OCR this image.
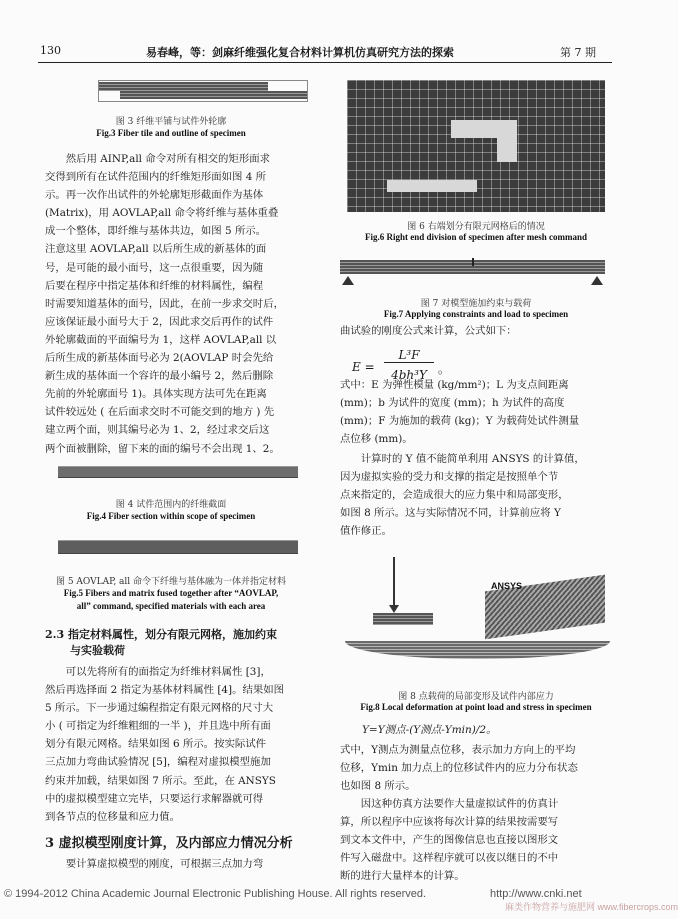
130	易春峰，等：剑麻纤维强化复合材料计算机仿真研究方法的探索	第 7 期
图 3 纤维平铺与试件外轮廓
Fig.3 Fiber tile and outline of specimen

然后用 AINP,all 命令对所有相交的矩形面求

交得到所有在试件范围内的纤维矩形面如图 4 所

示。再一次作出试件的外轮廓矩形截面作为基体

(Matrix)，用 AOVLAP,all 命令将纤维与基体重叠

成一个整体，即纤维与基体共边，如图 5 所示。

注意这里 AOVLAP,all 以后所生成的新基体的面

号，是可能的最小面号，这一点很重要，因为随

后要在程序中指定基体和纤维的材料属性，编程

时需要知道基体的面号，因此，在前一步求交时后，

应该保证最小面号大于 2，因此求交后再作的试件

外轮廓截面的平面编号为 1，这样 AOVLAP,all 以

后所生成的新基体面号必为 2(AOVLAP 时会先给

新生成的基体面一个容许的最小编号 2，然后删除

先前的外轮廓面号 1)。具体实现方法可先在距离

试件较远处 ( 在后面求交时不可能交到的地方 ) 先

建立两个面，则其编号必为 1、2，经过求交后这

两个面被删除，留下来的面的编号不会出现 1、2。

图 4 试件范围内的纤维截面
Fig.4 Fiber section within scope of specimen
图 5 AOVLAP, all 命令下纤维与基体融为一体并指定材料
Fig.5 Fibers and matrix fused together after “AOVLAP,
all” command, specified materials with each area
2.3 指定材料属性，划分有限元网格，施加约束
与实验载荷

可以先将所有的面指定为纤维材料属性 [3]，

然后再选择面 2 指定为基体材料属性 [4]。结果如图

5 所示。下一步通过编程指定有限元网格的尺寸大

小 ( 可指定为纤维粗细的一半 )，并且选中所有面

划分有限元网格。结果如图 6 所示。按实际试件

三点加力弯曲试验情况 [5]，编程对虚拟模型施加

约束并加载，结果如图 7 所示。至此，在 ANSYS

中的虚拟模型建立完毕，只要运行求解器就可得

到各节点的位移量和应力值。

3 虚拟模型刚度计算，及内部应力情况分析

要计算虚拟模型的刚度，可根据三点加力弯

图 6 右端划分有限元网格后的情况
Fig.6 Right end division of specimen after mesh command
图 7 对模型施加约束与载荷
Fig.7 Applying constraints and load to specimen

曲试验的刚度公式来计算，公式如下：

E =
L³F
4bh³Y 。

式中：E 为弹性模量 (kg/mm²)；L 为支点间距离

(mm)；b 为试件的宽度 (mm)；h 为试件的高度

(mm)；F 为施加的载荷 (kg)；Y 为载荷处试件测量

点位移 (mm)。

计算时的 Y 值不能简单利用 ANSYS 的计算值，

因为虚拟实验的受力和支撑的指定是按照单个节

点来指定的，会造成很大的应力集中和局部变形，

如图 8 所示。这与实际情况不同，计算前应将 Y

值作修正。

ANSYS
图 8 点载荷的局部变形及试件内部应力
Fig.8 Local deformation at point load and stress in specimen
Y=Y测点-(Y测点-Ymin)/2。

式中，Y测点为测量点位移，表示加力方向上的平均

位移，Ymin 加力点上的位移试件内的应力分布状态

也如图 8 所示。

因这种仿真方法要作大量虚拟试件的仿真计

算，所以程序中应该将每次计算的结果按需要写

到文本文件中，产生的图像信息也直接以图形文

件写入磁盘中。这样程序就可以夜以继日的不中

断的进行大量样本的计算。

© 1994-2012 China Academic Journal Electronic Publishing House. All rights reserved.	http://www.cnki.net
麻类作物营养与施肥网 www.fibercrops.com
